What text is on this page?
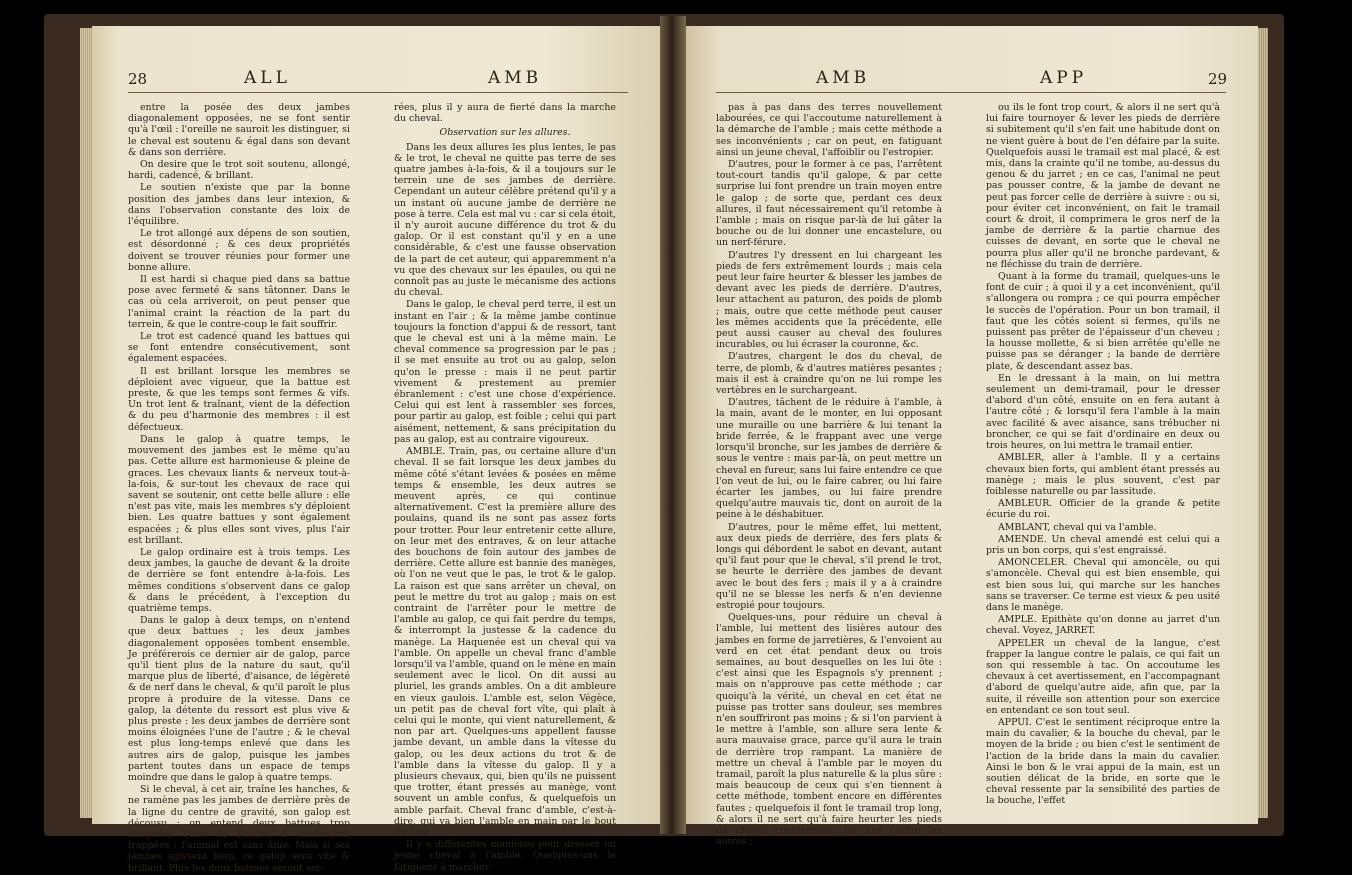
28	ALL	AMB

entre la posée des deux jambes diagonalement opposées, ne se font sentir qu'à l'œil : l'oreille ne sauroit les distinguer, si le cheval est soutenu & égal dans son devant & dans son derrière.

On desire que le trot soit soutenu, allongé, hardi, cadencé, & brillant.

Le soutien n'existe que par la bonne position des jambes dans leur intexion, & dans l'observation constante des loix de l'équilibre.

Le trot allongé aux dépens de son soutien, est désordonné ; & ces deux propriétés doivent se trouver réunies pour former une bonne allure.

Il est hardi si chaque pied dans sa battue pose avec fermeté & sans tâtonner. Dans le cas où cela arriveroit, on peut penser que l'animal craint la réaction de la part du terrein, & que le contre-coup le fait souffrir.

Le trot est cadencé quand les battues qui se font entendre consécutivement, sont également espacées.

Il est brillant lorsque les membres se déploient avec vigueur, que la battue est preste, & que les temps sont fermes & vifs. Un trot lent & traînant, vient de la défection & du peu d'harmonie des membres : il est défectueux.

Dans le galop à quatre temps, le mouvement des jambes est le même qu'au pas. Cette allure est harmonieuse & pleine de graces. Les chevaux liants & nerveux tout-à-la-fois, & sur-tout les chevaux de race qui savent se soutenir, ont cette belle allure : elle n'est pas vite, mais les membres s'y déploient bien. Les quatre battues y sont également espacées ; & plus elles sont vives, plus l'air est brillant.

Le galop ordinaire est à trois temps. Les deux jambes, la gauche de devant & la droite de derrière se font entendre à-la-fois. Les mêmes conditions s'observent dans ce galop & dans le précédent, à l'exception du quatrième temps.

Dans le galop à deux temps, on n'entend que deux battues ; les deux jambes diagonalement opposées tombent ensemble. Je préférerois ce dernier air de galop, parce qu'il tient plus de la nature du saut, qu'il marque plus de liberté, d'aisance, de légèreté & de nerf dans le cheval, & qu'il paroît le plus propre à produire de la vitesse. Dans ce galop, la détente du ressort est plus vive & plus preste : les deux jambes de derrière sont moins éloignées l'une de l'autre ; & le cheval est plus long-temps enlevé que dans les autres airs de galop, puisque les jambes partent toutes dans un espace de temps moindre que dans le galop à quatre temps.

Si le cheval, à cet air, traîne les hanches, & ne ramène pas les jambes de derrière près de la ligne du centre de gravité, son galop est décousu ; on entend deux battues trop éloignées l'une de l'autre, & mollement frappées : l'animal est sans âme. Mais si ses jambes agissent bien, ce galop sera vîte & brillant. Plus les deux battues seront ser-

rées, plus il y aura de fierté dans la marche du cheval.

Observation sur les allures.

Dans les deux allures les plus lentes, le pas & le trot, le cheval ne quitte pas terre de ses quatre jambes à-la-fois, & il a toujours sur le terrein une de ses jambes de derrière. Cependant un auteur célèbre prétend qu'il y a un instant où aucune jambe de derrière ne pose à terre. Cela est mal vu : car si cela étoit, il n'y auroit aucune différence du trot & du galop. Or il est constant qu'il y en a une considérable, & c'est une fausse observation de la part de cet auteur, qui apparemment n'a vu que des chevaux sur les épaules, ou qui ne connoît pas au juste le mécanisme des actions du cheval.

Dans le galop, le cheval perd terre, il est un instant en l'air ; & la même jambe continue toujours la fonction d'appui & de ressort, tant que le cheval est uni à la même main. Le cheval commence sa progression par le pas ; il se met ensuite au trot ou au galop, selon qu'on le presse : mais il ne peut partir vivement & prestement au premier ébranlement : c'est une chose d'expérience. Celui qui est lent à rassembler ses forces, pour partir au galop, est foible ; celui qui part aisément, nettement, & sans précipitation du pas au galop, est au contraire vigoureux.

AMBLE. Train, pas, ou certaine allure d'un cheval. Il se fait lorsque les deux jambes du même côté s'étant levées & posées en même temps & ensemble, les deux autres se meuvent après, ce qui continue alternativement. C'est la première allure des poulains, quand ils ne sont pas assez forts pour trotter. Pour leur entretenir cette allure, on leur met des entraves, & on leur attache des bouchons de foin autour des jambes de derrière. Cette allure est bannie des manèges, où l'on ne veut que le pas, le trot & le galop. La raison est que sans arrêter un cheval, on peut le mettre du trot au galop ; mais on est contraint de l'arrêter pour le mettre de l'amble au galop, ce qui fait perdre du temps, & interrompt la justesse & la cadence du manège. La Haquenée est un cheval qui va l'amble. On appelle un cheval franc d'amble lorsqu'il va l'amble, quand on le mène en main seulement avec le licol. On dit aussi au pluriel, les grands ambles. On a dit ambleure en vieux gaulois. L'amble est, selon Végèce, un petit pas de cheval fort vîte, qui plaît à celui qui le monte, qui vient naturellement, & non par art. Quelques-uns appellent fausse jambe devant, un amble dans la vîtesse du galop, ou les deux actions du trot & de l'amble dans la vîtesse du galop. Il y a plusieurs chevaux, qui, bien qu'ils ne puissent que trotter, étant pressés au manège, vont souvent un amble confus, & quelquefois un amble parfait. Cheval franc d'amble, c'est-à-dire, qui va bien l'amble en main par le bout du licol.

Il y a différentes manières pour dresser un jeune cheval à l'amble. Quelques-uns le fatiguent à marcher

AMB	APP	29

pas à pas dans des terres nouvellement labourées, ce qui l'accoutume naturellement à la démarche de l'amble ; mais cette méthode a ses inconvénients ; car on peut, en fatiguant ainsi un jeune cheval, l'affoiblir ou l'estropier.

D'autres, pour le former à ce pas, l'arrêtent tout-court tandis qu'il galope, & par cette surprise lui font prendre un train moyen entre le galop ; de sorte que, perdant ces deux allures, il faut nécessairement qu'il retombe à l'amble ; mais on risque par-là de lui gâter la bouche ou de lui donner une encastelure, ou un nerf-férure.

D'autres l'y dressent en lui chargeant les pieds de fers extrêmement lourds ; mais cela peut leur faire heurter & blesser les jambes de devant avec les pieds de derrière. D'autres, leur attachent au paturon, des poids de plomb ; mais, outre que cette méthode peut causer les mêmes accidents que la précédente, elle peut aussi causer au cheval des foulures incurables, ou lui écraser la couronne, &c.

D'autres, chargent le dos du cheval, de terre, de plomb, & d'autres matières pesantes ; mais il est à craindre qu'on ne lui rompe les vertèbres en le surchargeant.

D'autres, tâchent de le réduire à l'amble, à la main, avant de le monter, en lui opposant une muraille ou une barrière & lui tenant la bride ferrée, & le frappant avec une verge lorsqu'il bronche, sur les jambes de derrière & sous le ventre : mais par-là, on peut mettre un cheval en fureur, sans lui faire entendre ce que l'on veut de lui, ou le faire cabrer, ou lui faire écarter les jambes, ou lui faire prendre quelqu'autre mauvais tic, dont on auroit de la peine à le déshabituer.

D'autres, pour le même effet, lui mettent, aux deux pieds de derrière, des fers plats & longs qui débordent le sabot en devant, autant qu'il faut pour que le cheval, s'il prend le trot, se heurte le derrière des jambes de devant avec le bout des fers ; mais il y a à craindre qu'il ne se blesse les nerfs & n'en devienne estropié pour toujours.

Quelques-uns, pour réduire un cheval à l'amble, lui mettent des lisières autour des jambes en forme de jarretières, & l'envoient au verd en cet état pendant deux ou trois semaines, au bout desquelles on les lui ôte : c'est ainsi que les Espagnols s'y prennent ; mais on n'approuve pas cette méthode ; car quoiqu'à la vérité, un cheval en cet état ne puisse pas trotter sans douleur, ses membres n'en souffriront pas moins ; & si l'on parvient à le mettre à l'amble, son allure sera lente & aura mauvaise grace, parce qu'il aura le train de derrière trop rampant. La manière de mettre un cheval à l'amble par le moyen du tramail, paroît la plus naturelle & la plus sûre : mais beaucoup de ceux qui s'en tiennent à cette méthode, tombent encore en différentes fautes ; quelquefois il font le tramail trop long, & alors il ne sert qu'à faire heurter les pieds du cheval confusément les uns contre les autres ;

ou ils le font trop court, & alors il ne sert qu'à lui faire tournoyer & lever les pieds de derrière si subitement qu'il s'en fait une habitude dont on ne vient guère à bout de l'en défaire par la suite. Quelquefois aussi le tramail est mal placé, & est mis, dans la crainte qu'il ne tombe, au-dessus du genou & du jarret ; en ce cas, l'animal ne peut pas pousser contre, & la jambe de devant ne peut pas forcer celle de derrière à suivre : ou si, pour éviter cet inconvénient, on fait le tramail court & droit, il comprimera le gros nerf de la jambe de derrière & la partie charnue des cuisses de devant, en sorte que le cheval ne pourra plus aller qu'il ne bronche pardevant, & ne fléchisse du train de derrière.

Quant à la forme du tramail, quelques-uns le font de cuir ; à quoi il y a cet inconvénient, qu'il s'allongera ou rompra ; ce qui pourra empêcher le succès de l'opération. Pour un bon tramail, il faut que les côtés soient si fermes, qu'ils ne puissent pas prêter de l'épaisseur d'un cheveu ; la housse mollette, & si bien arrêtée qu'elle ne puisse pas se déranger ; la bande de derrière plate, & descendant assez bas.

En le dressant à la main, on lui mettra seulement un demi-tramail, pour le dresser d'abord d'un côté, ensuite on en fera autant à l'autre côté ; & lorsqu'il fera l'amble à la main avec facilité & avec aisance, sans trébucher ni broncher, ce qui se fait d'ordinaire en deux ou trois heures, on lui mettra le tramail entier.

AMBLER, aller à l'amble. Il y a certains chevaux bien forts, qui amblent étant pressés au manège ; mais le plus souvent, c'est par foiblesse naturelle ou par lassitude.

AMBLEUR. Officier de la grande & petite écurie du roi.

AMBLANT, cheval qui va l'amble.

AMENDE. Un cheval amendé est celui qui a pris un bon corps, qui s'est engraissé.

AMONCELER. Cheval qui amoncèle, ou qui s'amoncèle. Cheval qui est bien ensemble, qui est bien sous lui, qui marche sur les hanches sans se traverser. Ce terme est vieux & peu usité dans le manège.

AMPLE. Epithète qu'on donne au jarret d'un cheval. Voyez, JARRET.

APPELER un cheval de la langue, c'est frapper la langue contre le palais, ce qui fait un son qui ressemble à tac. On accoutume les chevaux à cet avertissement, en l'accompagnant d'abord de quelqu'autre aide, afin que, par la suite, il réveille son attention pour son exercice en entendant ce son tout seul.

APPUI. C'est le sentiment réciproque entre la main du cavalier, & la bouche du cheval, par le moyen de la bride ; ou bien c'est le sentiment de l'action de la bride dans la main du cavalier. Ainsi le bon & le vrai appui de la main, est un soutien délicat de la bride, en sorte que le cheval ressente par la sensibilité des parties de la bouche, l'effet
